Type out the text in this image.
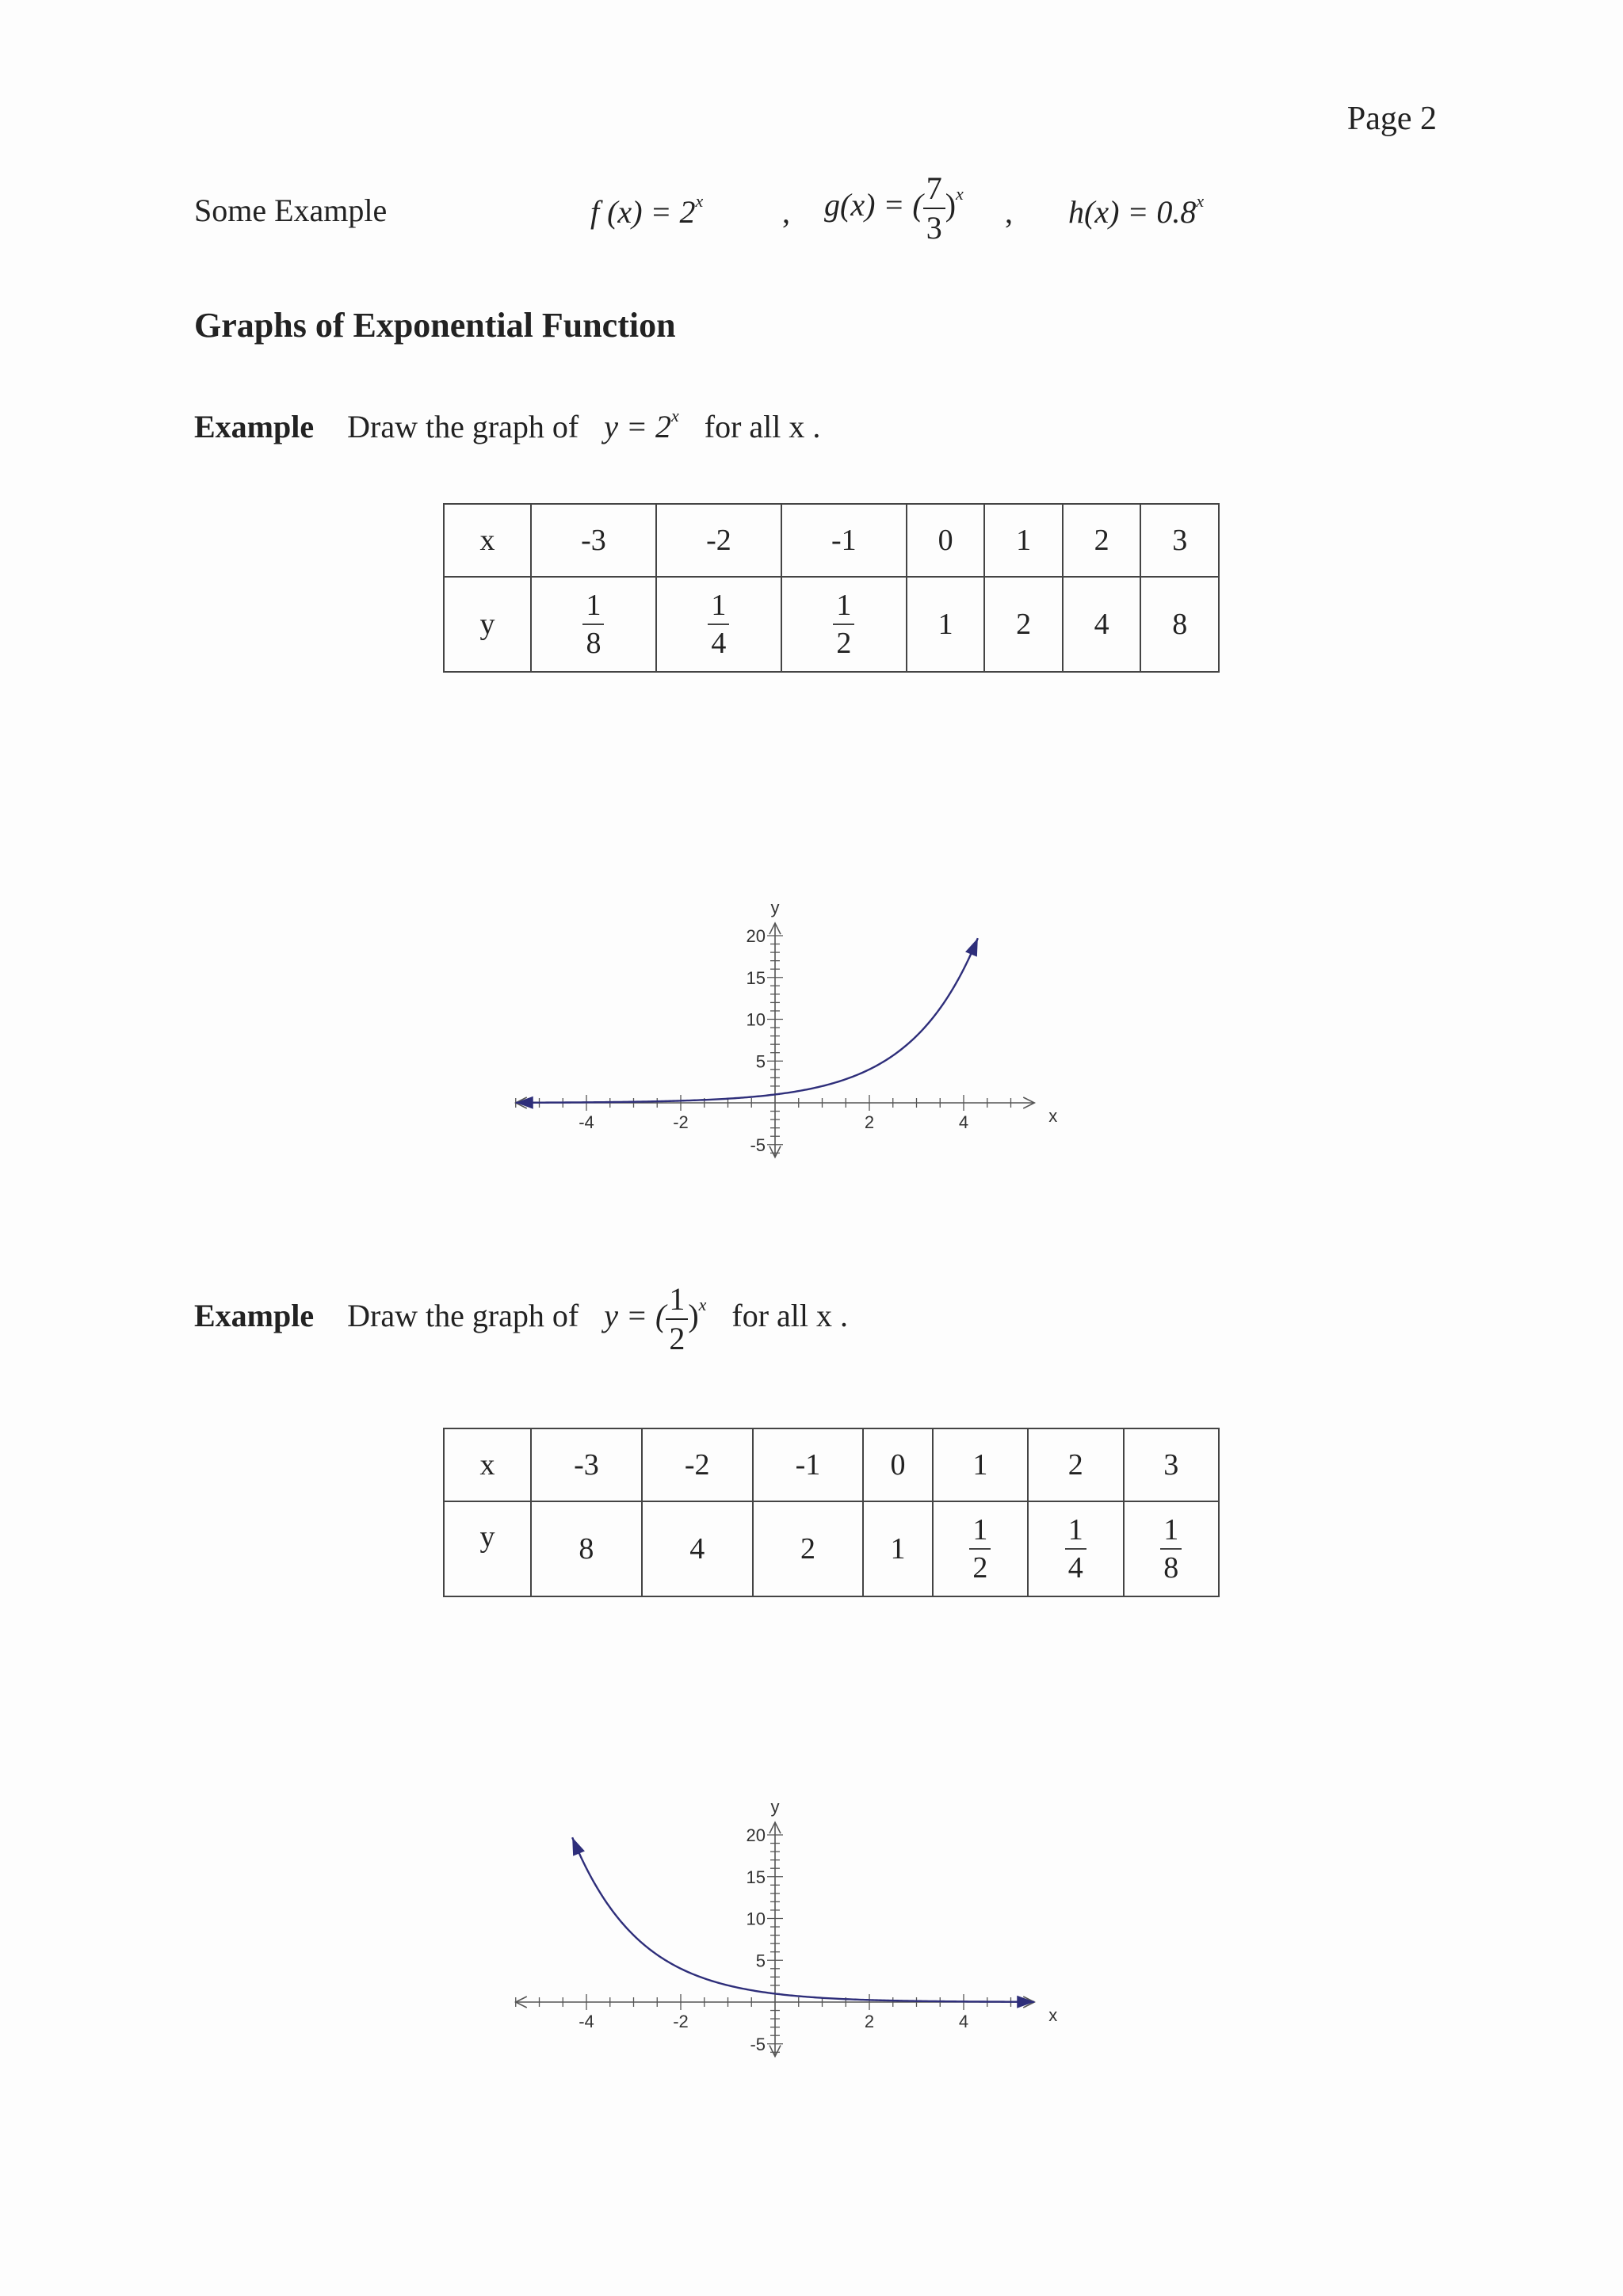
Page 2
Some Example	f $(x) = 2^x$ , g(x) = ( $\frac{7}{3} )^x$
, $h(x) = 0.8^x$
Graphs of Exponential Function
Example Draw the graph of $y = 2^x$ for all x .
x	-3	-2	-1	0	1	2	3
y	$\frac{1}{8}$	$\frac{1}{4}$	$\frac{1}{2}$	1	2	4	8
-4	-2	2	4
20
15
10
5
-5
x
y
Example Draw the graph of y = ( $\frac{1}{2} )^x$ for all x .
x	-3	-2	-1	0	1	2	3
y	8	4	2	1	$\frac{1}{2}$	$\frac{1}{4}$	$\frac{1}{8}$
-4	-2	2	4
20
15
10
5
-5
x
y
